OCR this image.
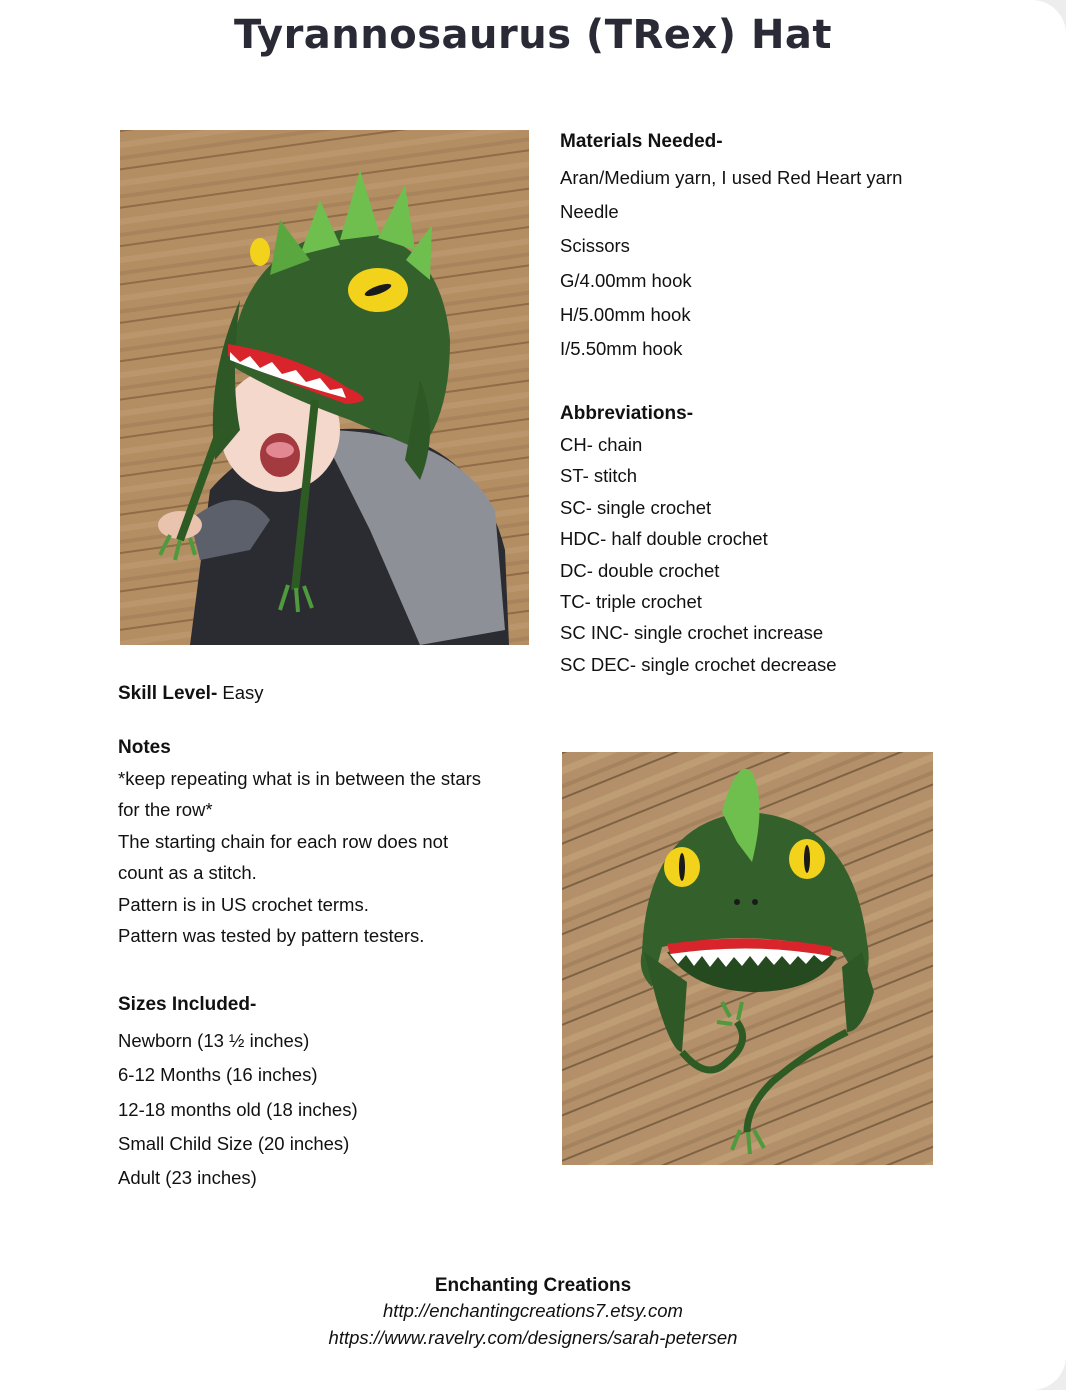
Tyrannosaurus (TRex) Hat
Materials Needed-
Aran/Medium yarn, I used Red Heart yarn
Needle
Scissors
G/4.00mm hook
H/5.00mm hook
I/5.50mm hook
Abbreviations-
CH- chain
ST- stitch
SC- single crochet
HDC- half double crochet
DC- double crochet
TC- triple crochet
SC INC- single crochet increase
SC DEC- single crochet decrease
Skill Level- Easy
Notes
*keep repeating what is in between the stars
for the row*
The starting chain for each row does not
count as a stitch.
Pattern is in US crochet terms.
Pattern was tested by pattern testers.
Sizes Included-
Newborn (13 ½ inches)
6-12 Months (16 inches)
12-18 months old (18 inches)
Small Child Size (20 inches)
Adult (23 inches)
Enchanting Creations
http://enchantingcreations7.etsy.com
https://www.ravelry.com/designers/sarah-petersen
